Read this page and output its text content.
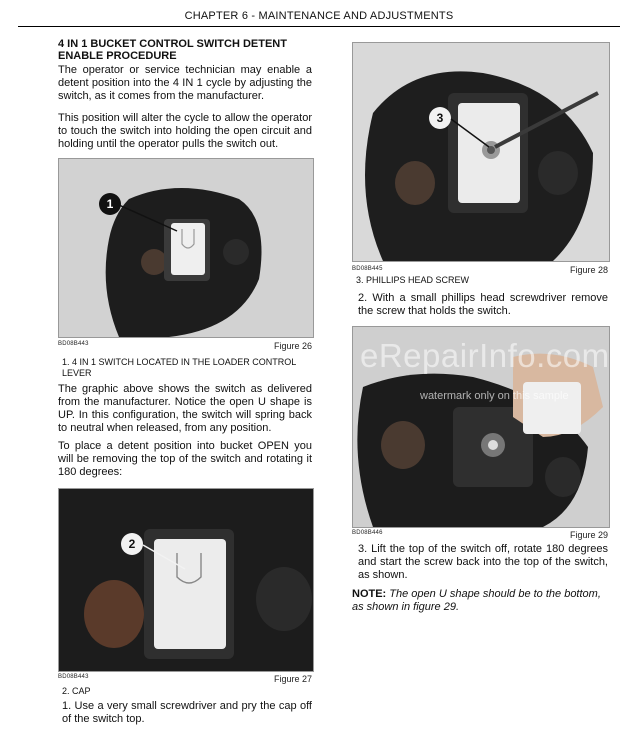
CHAPTER 6 - MAINTENANCE AND ADJUSTMENTS
4 IN 1 BUCKET CONTROL SWITCH DETENT ENABLE PROCEDURE
The operator or service technician may enable a detent position into the 4 IN 1 cycle by adjusting the switch, as it comes from the manufacturer.
This position will alter the cycle to allow the operator to touch the switch into holding the open circuit and holding until the operator pulls the switch out.
1
BD08B443	Figure 26
1. 4 IN 1 SWITCH LOCATED IN THE LOADER CONTROL LEVER
The graphic above shows the switch as delivered from the manufacturer. Notice the open U shape is UP. In this configuration, the switch will spring back to neutral when released, from any position.
To place a detent position into bucket OPEN you will be removing the top of the switch and rotating it 180 degrees:
2
BD08B443	Figure 27
2. CAP
1. Use a very small screwdriver and pry the cap off of the switch top.
3
BD08B445	Figure 28
3. PHILLIPS HEAD SCREW
2. With a small phillips head screwdriver remove the screw that holds the switch.
eRepairInfo.com
watermark only on this sample
BD08B446	Figure 29
3. Lift the top of the switch off, rotate 180 degrees and start the screw back into the top of the switch, as shown.
NOTE: The open U shape should be to the bottom, as shown in figure 29.
